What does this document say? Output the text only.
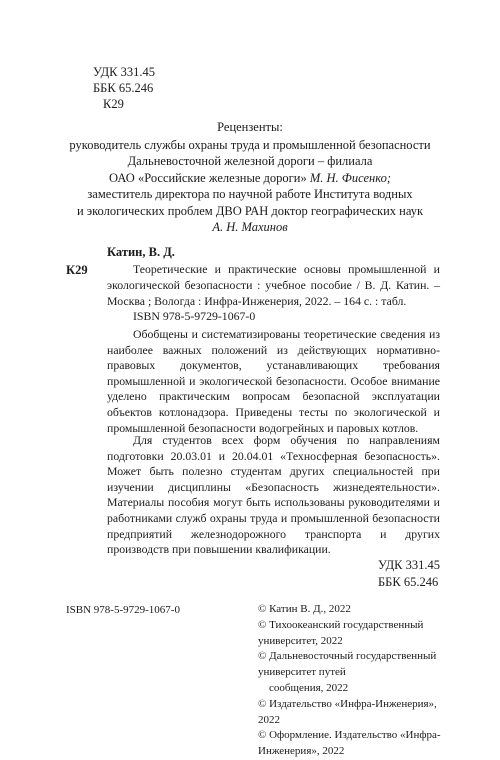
УДК 331.45
ББК 65.246
К29
Рецензенты:
руководитель службы охраны труда и промышленной безопасности
Дальневосточной железной дороги – филиала
ОАО «Российские железные дороги» М. Н. Фисенко;
заместитель директора по научной работе Института водных
и экологических проблем ДВО РАН доктор географических наук
А. Н. Махинов
К29
Катин, В. Д.
Теоретические и практические основы промышленной и экологической безопасности : учебное пособие / В. Д. Катин. – Москва ; Вологда : Инфра-Инженерия, 2022. – 164 с. : табл.
ISBN 978-5-9729-1067-0
Обобщены и систематизированы теоретические сведения из наиболее важных положений из действующих нормативно-правовых документов, устанавливающих требования промышленной и экологической безопасности. Особое внимание уделено практическим вопросам безопасной эксплуатации объектов котлонадзора. Приведены тесты по экологической и промышленной безопасности водогрейных и паровых котлов.
Для студентов всех форм обучения по направлениям подготовки 20.03.01 и 20.04.01 «Техносферная безопасность». Может быть полезно студентам других специальностей при изучении дисциплины «Безопасность жизнедеятельности». Материалы пособия могут быть использованы руководителями и работниками служб охраны труда и промышленной безопасности предприятий железнодорожного транспорта и других производств при повышении квалификации.
УДК 331.45
ББК 65.246
ISBN 978-5-9729-1067-0	© Катин В. Д., 2022
© Тихоокеанский государственный университет, 2022
© Дальневосточный государственный университет путей
сообщения, 2022
© Издательство «Инфра-Инженерия», 2022
© Оформление. Издательство «Инфра-Инженерия», 2022
